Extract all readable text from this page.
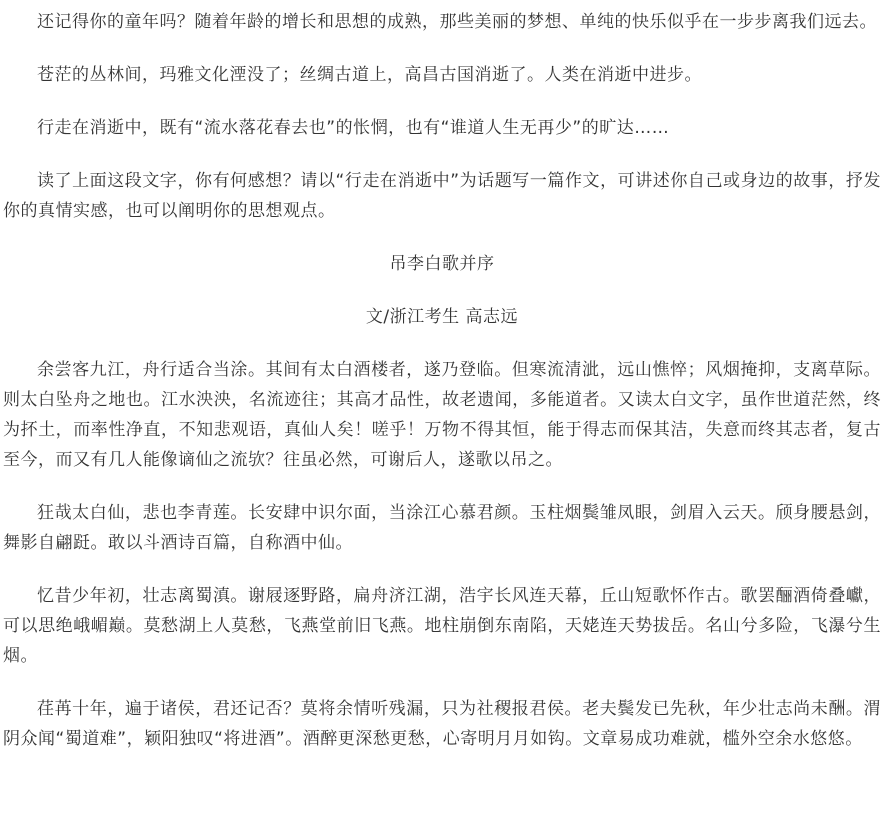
还记得你的童年吗？随着年龄的增长和思想的成熟，那些美丽的梦想、单纯的快乐似乎在一步步离我们远去。

苍茫的丛林间，玛雅文化湮没了；丝绸古道上，高昌古国消逝了。人类在消逝中进步。

行走在消逝中，既有“流水落花春去也”的怅惘，也有“谁道人生无再少”的旷达……

读了上面这段文字，你有何感想？请以“行走在消逝中”为话题写一篇作文，可讲述你自己或身边的故事，抒发你的真情实感，也可以阐明你的思想观点。

吊李白歌并序

文/浙江考生 高志远

余尝客九江，舟行适合当涂。其间有太白酒楼者，遂乃登临。但寒流清泚，远山憔悴；风烟掩抑，支离草际。则太白坠舟之地也。江水泱泱，名流迹往；其高才品性，故老遗闻，多能道者。又读太白文字，虽作世道茫然，终为抔土，而率性净直，不知悲观语，真仙人矣！嗟乎！万物不得其恒，能于得志而保其洁，失意而终其志者，复古至今，而又有几人能像谪仙之流欤？往虽必然，可谢后人，遂歌以吊之。

狂哉太白仙，悲也李青莲。长安肆中识尔面，当涂江心慕君颜。玉柱烟鬓雏凤眼，剑眉入云天。颀身腰悬剑，舞影自翩跹。敢以斗酒诗百篇，自称酒中仙。

忆昔少年初，壮志离蜀滇。谢屐逐野路，扁舟济江湖，浩宇长风连天幕，丘山短歌怀作古。歌罢酾酒倚叠巘，可以思绝峨嵋巅。莫愁湖上人莫愁，飞燕堂前旧飞燕。地柱崩倒东南陷，天姥连天势拔岳。名山兮多险，飞瀑兮生烟。

荏苒十年，遍于诸侯，君还记否？莫将余情听残漏，只为社稷报君侯。老夫鬓发已先秋，年少壮志尚未酬。渭阴众闻“蜀道难”，颖阳独叹“将进酒”。酒醉更深愁更愁，心寄明月月如钩。文章易成功难就，槛外空余水悠悠。
